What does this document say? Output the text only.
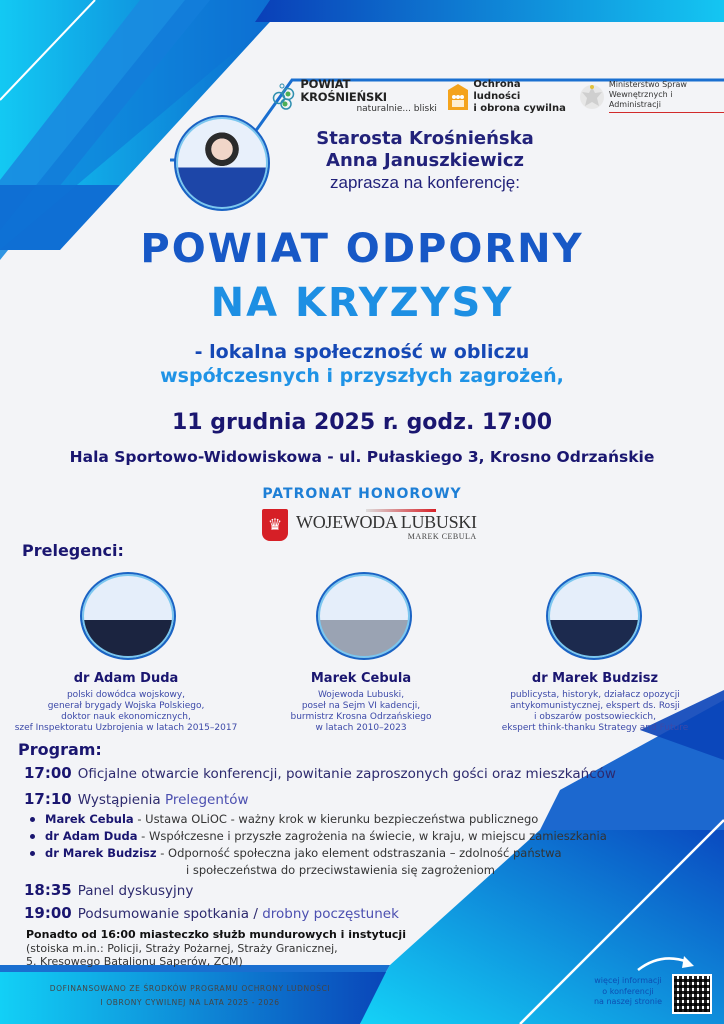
POWIAT KROŚNIEŃSKI
naturalnie... bliski
Ochrona ludności
i obrona cywilna
Ministerstwo Spraw
Wewnętrznych i Administracji
Starosta Krośnieńska
Anna Januszkiewicz
zaprasza na konferencję:
POWIAT ODPORNY
NA KRYZYSY
- lokalna społeczność w obliczu
współczesnych i przyszłych zagrożeń,
11 grudnia 2025 r. godz. 17:00
Hala Sportowo-Widowiskowa - ul. Pułaskiego 3, Krosno Odrzańskie
PATRONAT HONOROWY
♛ WOJEWODA LUBUSKI
MAREK CEBULA
Prelegenci:
dr Adam Duda
polski dowódca wojskowy,
generał brygady Wojska Polskiego,
doktor nauk ekonomicznych,
szef Inspektoratu Uzbrojenia w latach 2015–2017
Marek Cebula
Wojewoda Lubuski,
poseł na Sejm VI kadencji,
burmistrz Krosna Odrzańskiego
w latach 2010–2023
dr Marek Budzisz
publicysta, historyk, działacz opozycji
antykomunistycznej, ekspert ds. Rosji
i obszarów postsowieckich,
ekspert think-thanku Strategy and Future
Program:
17:00 Oficjalne otwarcie konferencji, powitanie zaproszonych gości oraz mieszkańców
17:10 Wystąpienia Prelegentów
Marek Cebula - Ustawa OLiOC - ważny krok w kierunku bezpieczeństwa publicznego
dr Adam Duda - Współczesne i przyszłe zagrożenia na świecie, w kraju, w miejscu zamieszkania
dr Marek Budzisz - Odporność społeczna jako element odstraszania – zdolność państwa
i społeczeństwa do przeciwstawienia się zagrożeniom
18:35 Panel dyskusyjny
19:00 Podsumowanie spotkania / drobny poczęstunek
Ponadto od 16:00 miasteczko służb mundurowych i instytucji
(stoiska m.in.: Policji, Straży Pożarnej, Straży Granicznej,
5. Kresowego Batalionu Saperów, ZCM)
DOFINANSOWANO ZE ŚRODKÓW PROGRAMU OCHRONY LUDNOŚCI
I OBRONY CYWILNEJ NA LATA 2025 - 2026
więcej informacji
o konferencji
na naszej stronie
